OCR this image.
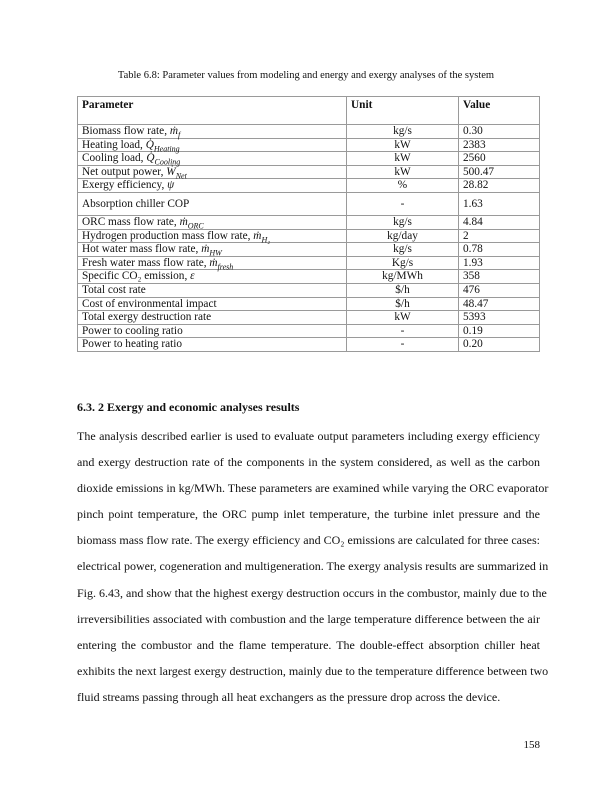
Table 6.8: Parameter values from modeling and energy and exergy analyses of the system
Parameter	Unit	Value
Biomass flow rate, ṁ$_f$	kg/s	0.30
Heating load, $Q̇_{Heating}$	kW	2383
Cooling load, $Q̇_{Cooling}$	kW	2560
Net output power, Ẇ$_{Net}$	kW	500.47
Exergy efficiency, ψ	%	28.82
Absorption chiller COP	-	1.63
ORC mass flow rate, ṁ$_{ORC}$	kg/s	4.84
Hydrogen production mass flow rate, ṁ$_{H_2}$	kg/day	2
Hot water mass flow rate, ṁ$_{HW}$	kg/s	0.78
Fresh water mass flow rate, ṁ$_{fresh}$	Kg/s	1.93
Specific CO₂ emission, ε	kg/MWh	358
Total cost rate	$/h	476
Cost of environmental impact	$/h	48.47
Total exergy destruction rate	kW	5393
Power to cooling ratio	-	0.19
Power to heating ratio	-	0.20
6.3. 2 Exergy and economic analyses results
The analysis described earlier is used to evaluate output parameters including exergy efficiency
and exergy destruction rate of the components in the system considered, as well as the carbon
dioxide emissions in kg/MWh. These parameters are examined while varying the ORC evaporator
pinch point temperature, the ORC pump inlet temperature, the turbine inlet pressure and the
biomass mass flow rate. The exergy efficiency and CO₂ emissions are calculated for three cases:
electrical power, cogeneration and multigeneration. The exergy analysis results are summarized in
Fig. 6.43, and show that the highest exergy destruction occurs in the combustor, mainly due to the
irreversibilities associated with combustion and the large temperature difference between the air
entering the combustor and the flame temperature. The double-effect absorption chiller heat
exhibits the next largest exergy destruction, mainly due to the temperature difference between two
fluid streams passing through all heat exchangers as the pressure drop across the device.
158
